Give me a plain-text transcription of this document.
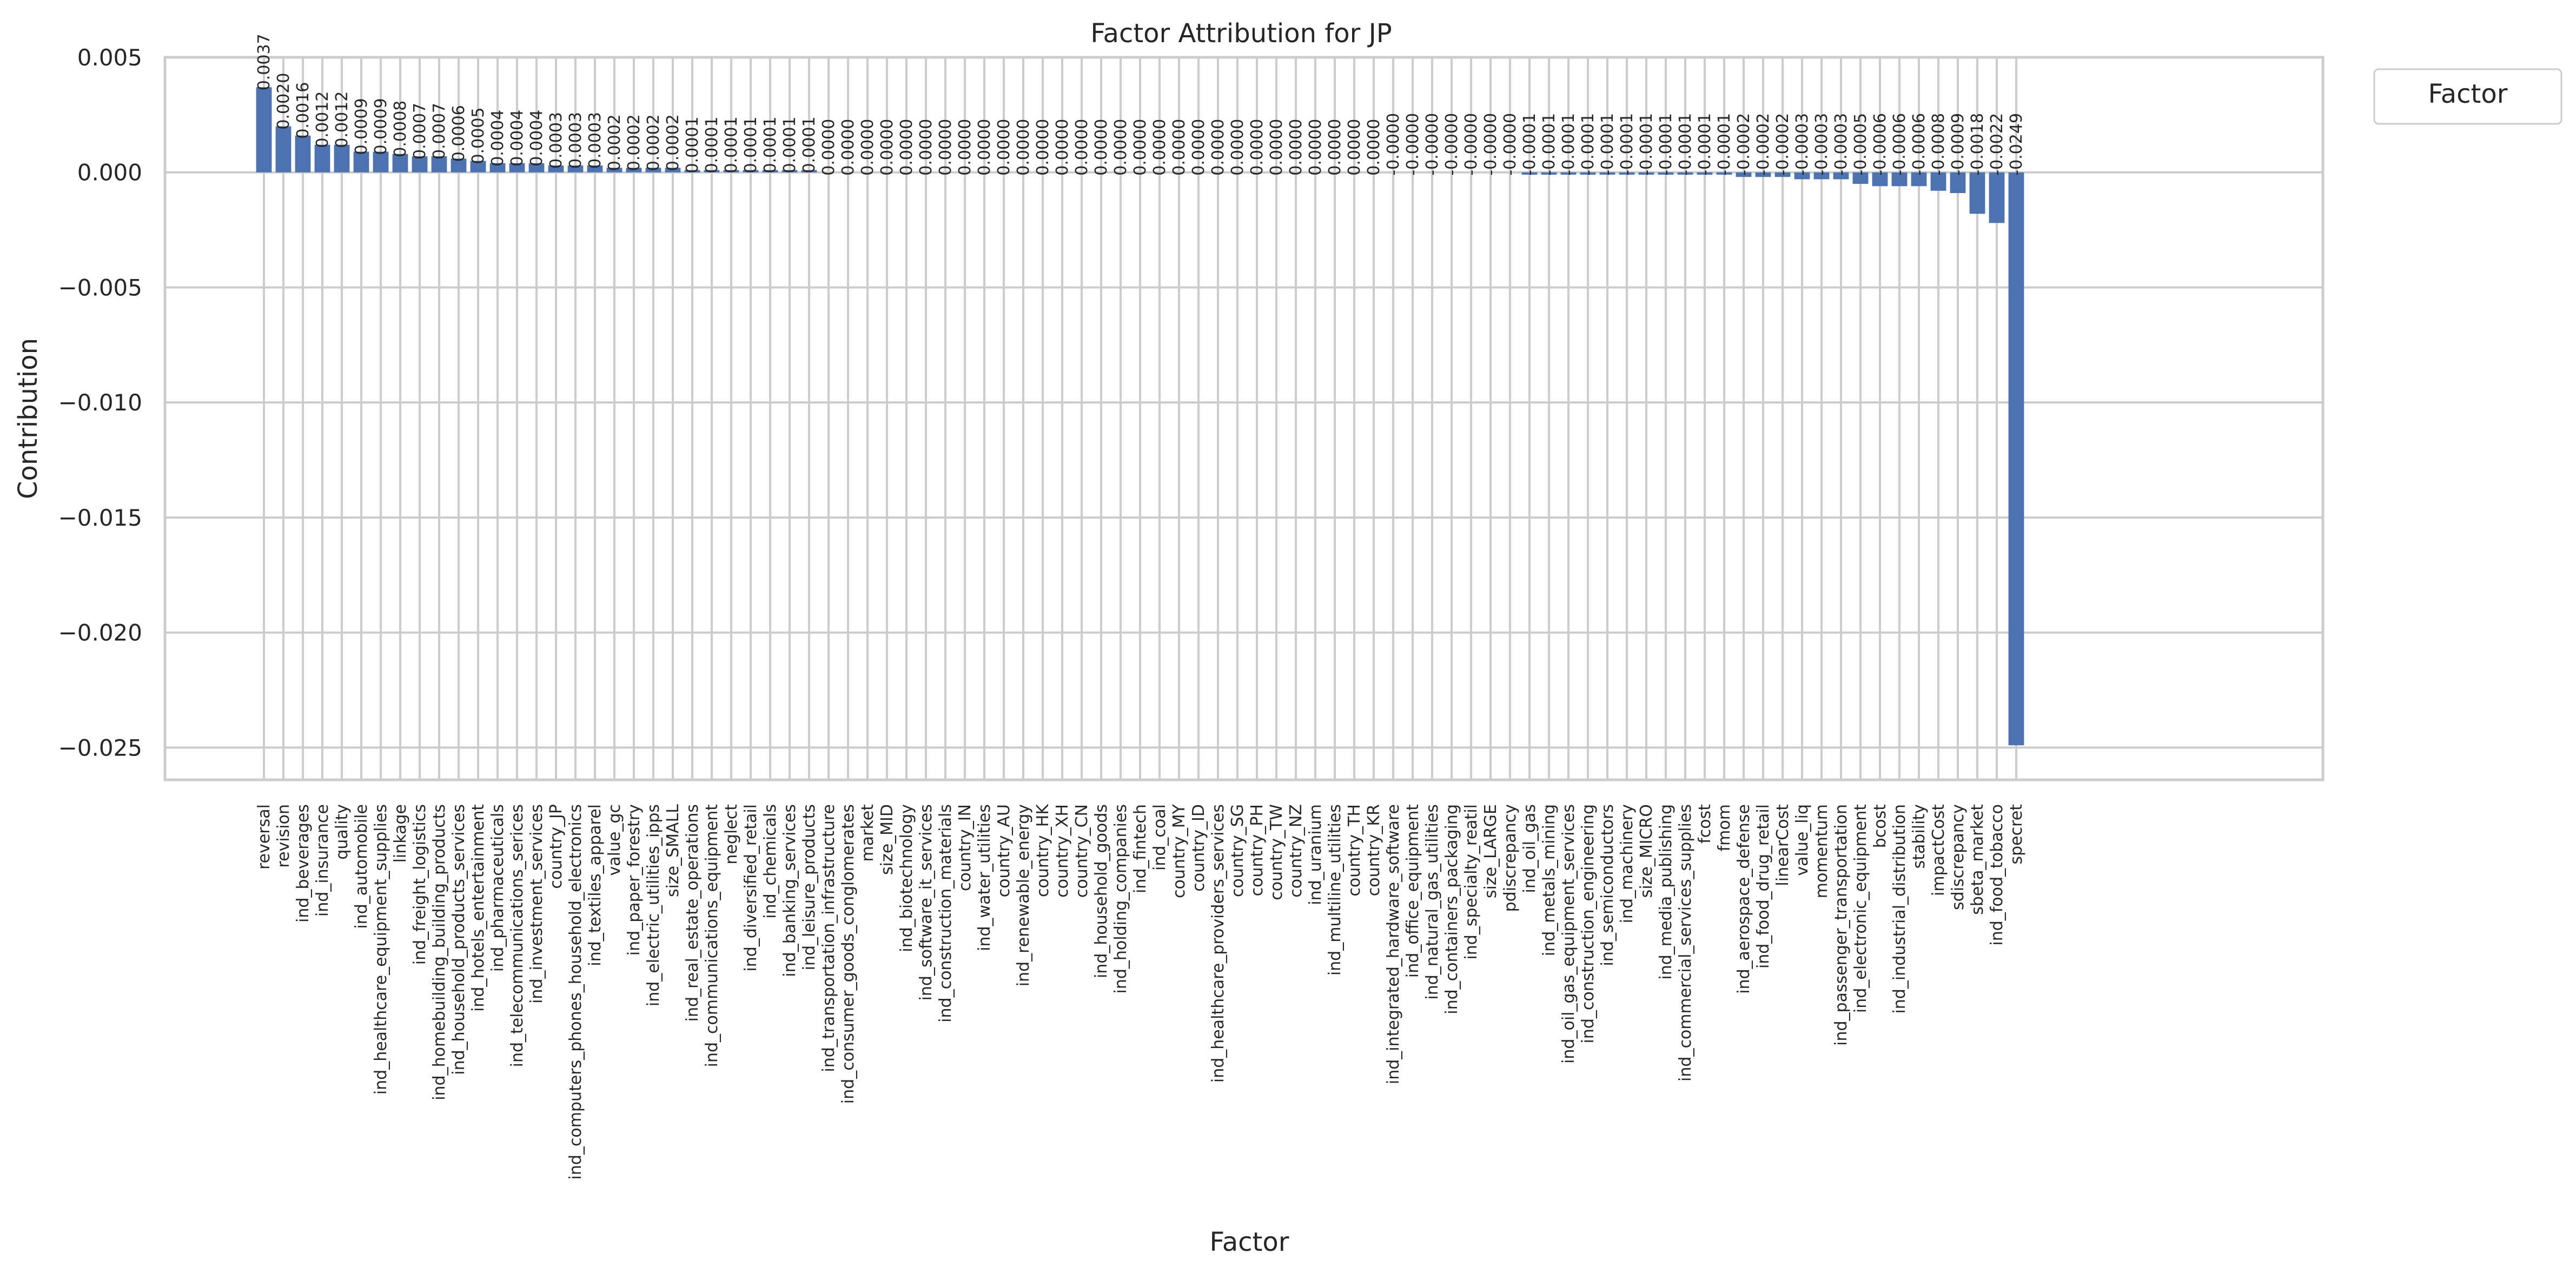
Factor Attribution for JP
0.005
0.000
−0.005
−0.010
−0.015
−0.020
−0.025
reversal revision ind_beverages ind_insurance quality ind_automobile ind_healthcare_equipment_supplies linkage ind_freight_logistics ind_homebuilding_building_products ind_household_products_services ind_hotels_entertainment ind_pharmaceuticals ind_telecommunications_serices ind_investment_services country_JP ind_computers_phones_household_electronics ind_textiles_apparel value_gc ind_paper_forestry ind_electric_utilities_ipps size_SMALL ind_real_estate_operations ind_communications_equipment neglect ind_diversified_retail ind_chemicals ind_banking_services ind_leisure_products ind_transportation_infrastructure ind_consumer_goods_conglomerates market size_MID ind_biotechnology ind_software_it_services ind_construction_materials country_IN ind_water_utilities country_AU ind_renewable_energy country_HK country_XH country_CN ind_household_goods ind_holding_companies ind_fintech ind_coal country_MY country_ID ind_healthcare_providers_services country_SG country_PH country_TW country_NZ ind_uranium ind_multiline_utilities country_TH country_KR ind_integrated_hardware_software ind_office_equipment ind_natural_gas_utilities ind_containers_packaging ind_specialty_reatil size_LARGE pdiscrepancy ind_oil_gas ind_metals_mining ind_oil_gas_equipment_services ind_construction_engineering ind_semiconductors ind_machinery size_MICRO ind_media_publishing ind_commercial_services_supplies fcost fmom ind_aerospace_defense ind_food_drug_retail linearCost value_liq momentum ind_passenger_transportation ind_electronic_equipment bcost ind_industrial_distribution stability impactCost sdiscrepancy sbeta_market ind_food_tobacco specret
0.0037
0.0020 0.0016 0.0012 0.0012 0.0009 0.0009 0.0008 0.0007 0.0007 0.0006 0.0005 0.0004 0.0004 0.0004 0.0003 0.0003 0.0003 0.0002 0.0002 0.0002 0.0002 0.0001 0.0001 0.0001 0.0001 0.0001 0.0001 0.0001 0.0000 0.0000 0.0000 0.0000 0.0000 0.0000 0.0000 0.0000 0.0000 0.0000 0.0000 0.0000 0.0000 0.0000 0.0000 0.0000 0.0000 0.0000 0.0000 0.0000 0.0000 0.0000 0.0000 0.0000 0.0000 0.0000 0.0000 0.0000 0.0000 -0.0000 -0.0000 -0.0000 -0.0000 -0.0000 -0.0000 -0.0000 -0.0001 -0.0001 -0.0001 -0.0001 -0.0001 -0.0001 -0.0001 -0.0001 -0.0001 -0.0001 -0.0001 -0.0002 -0.0002 -0.0002 -0.0003 -0.0003 -0.0003 -0.0005 -0.0006 -0.0006 -0.0006 -0.0008 -0.0009 -0.0018 -0.0022 -0.0249
Contribution
Factor
Factor
